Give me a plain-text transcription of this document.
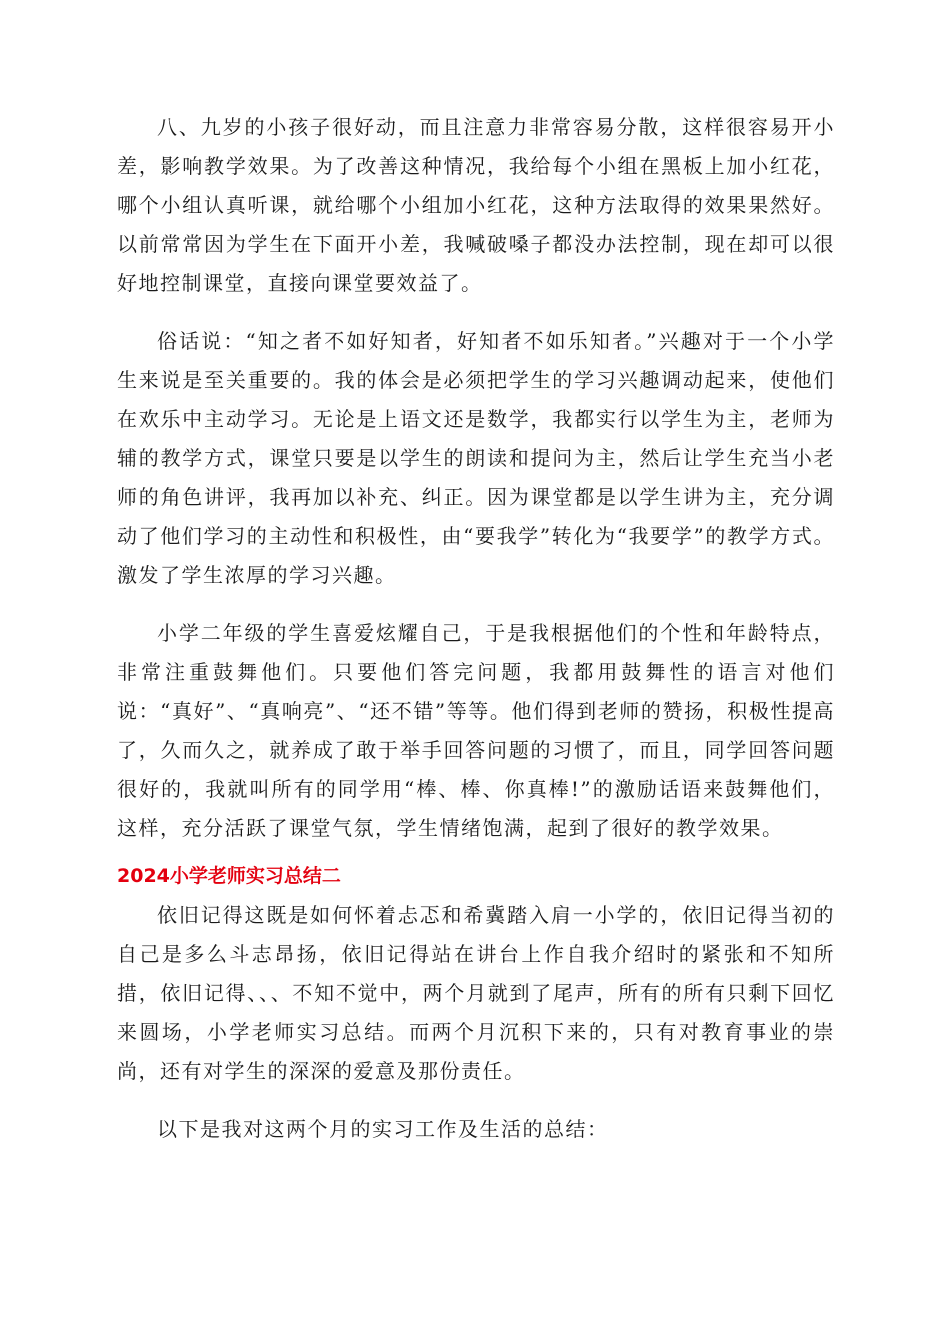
八、九岁的小孩子很好动，而且注意力非常容易分散，这样很容易开小差，影响教学效果。为了改善这种情况，我给每个小组在黑板上加小红花，哪个小组认真听课，就给哪个小组加小红花，这种方法取得的效果果然好。以前常常因为学生在下面开小差，我喊破嗓子都没办法控制，现在却可以很好地控制课堂，直接向课堂要效益了。

俗话说：“知之者不如好知者，好知者不如乐知者。”兴趣对于一个小学生来说是至关重要的。我的体会是必须把学生的学习兴趣调动起来，使他们在欢乐中主动学习。无论是上语文还是数学，我都实行以学生为主，老师为辅的教学方式，课堂只要是以学生的朗读和提问为主，然后让学生充当小老师的角色讲评，我再加以补充、纠正。因为课堂都是以学生讲为主，充分调动了他们学习的主动性和积极性，由“要我学”转化为“我要学”的教学方式。激发了学生浓厚的学习兴趣。

小学二年级的学生喜爱炫耀自己，于是我根据他们的个性和年龄特点，非常注重鼓舞他们。只要他们答完问题，我都用鼓舞性的语言对他们说：“真好”、“真响亮”、“还不错”等等。他们得到老师的赞扬，积极性提高了，久而久之，就养成了敢于举手回答问题的习惯了，而且，同学回答问题很好的，我就叫所有的同学用“棒、棒、你真棒!”的激励话语来鼓舞他们，这样，充分活跃了课堂气氛，学生情绪饱满，起到了很好的教学效果。

2024小学老师实习总结二

依旧记得这既是如何怀着忐忑和希冀踏入肩一小学的，依旧记得当初的自己是多么斗志昂扬，依旧记得站在讲台上作自我介绍时的紧张和不知所措，依旧记得、、、不知不觉中，两个月就到了尾声，所有的所有只剩下回忆来圆场，小学老师实习总结。而两个月沉积下来的，只有对教育事业的崇尚，还有对学生的深深的爱意及那份责任。

以下是我对这两个月的实习工作及生活的总结：
